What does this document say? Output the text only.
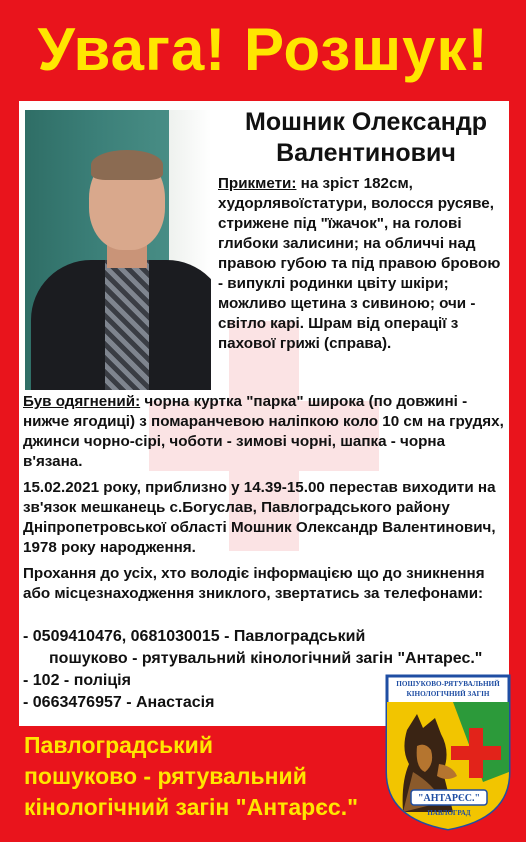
Увага! Розшук!
Мошник Олександр
Валентинович
Прикмети: на зріст 182см, худорлявоїстатури, волосся русяве, стрижене під "їжачок", на голові глибоки залисини; на обличчі над правою губою та під правою бровою - випуклі родинки цвіту шкіри; можливо щетина з сивиною; очи - світло карі. Шрам від операції з пахової грижі (справа).
Був одягнений: чорна куртка "парка" широка (по довжині - нижче ягодиці) з помаранчевою наліпкою коло 10 см на грудях, джинси чорно-сірі, чоботи - зимові чорні, шапка - чорна в'язана.
15.02.2021 року, приблизно у 14.39-15.00 перестав виходити на зв'язок мешканець с.Богуслав, Павлоградського району Дніпропетровської області Мошник Олександр Валентинович, 1978 року народження.
Прохання до усіх, хто володіє інформацією що до зникнення або місцезнаходження зниклого, звертатись за телефонами:
- 0509410476, 0681030015 - Павлоградський
пошуково - рятувальний кінологічний загін "Антарес."
- 102 - поліція
- 0663476957 - Анастасія
Павлоградський
пошуково - рятувальний
кінологічний загін "Антарєс."
ПОШУКОВО-РЯТУВАЛЬНИЙ
КІНОЛОГІЧНИЙ ЗАГІН
"АНТАРЄС."
ПАВЛОГРАД
